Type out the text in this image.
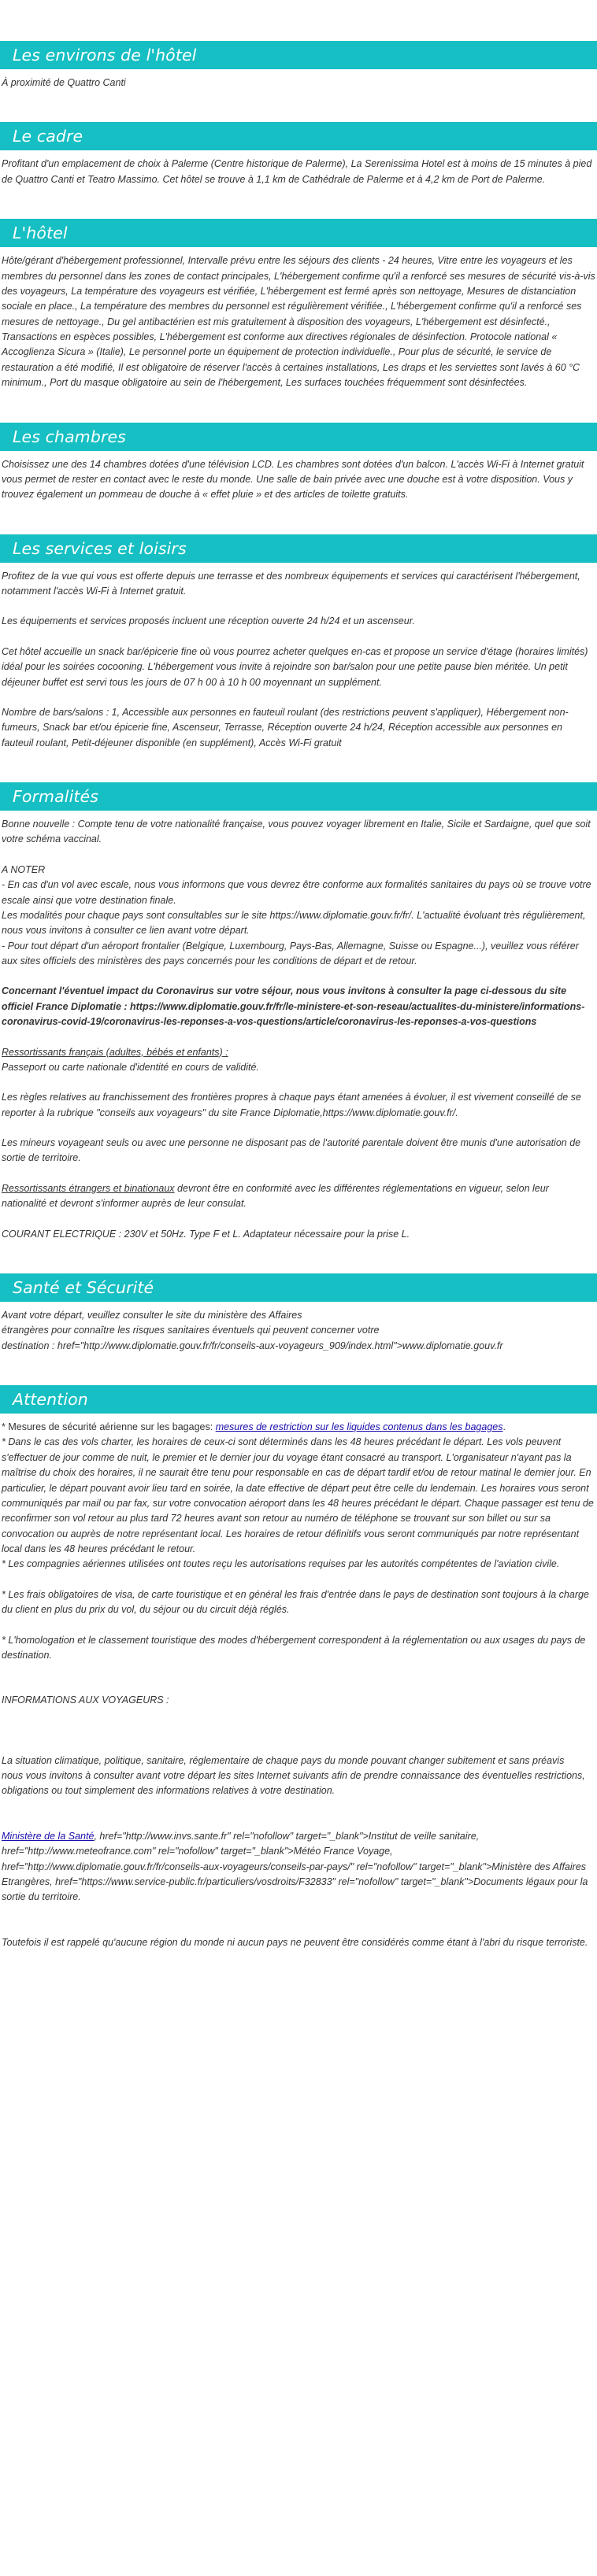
Les environs de l'hôtel

À proximité de Quattro Canti

Le cadre

Profitant d'un emplacement de choix à Palerme (Centre historique de Palerme), La Serenissima Hotel est à moins de 15 minutes à pied de Quattro Canti et Teatro Massimo. Cet hôtel se trouve à 1,1 km de Cathédrale de Palerme et à 4,2 km de Port de Palerme.

L'hôtel

Hôte/gérant d'hébergement professionnel, Intervalle prévu entre les séjours des clients - 24 heures, Vitre entre les voyageurs et les membres du personnel dans les zones de contact principales, L'hébergement confirme qu'il a renforcé ses mesures de sécurité vis-à-vis des voyageurs, La température des voyageurs est vérifiée, L'hébergement est fermé après son nettoyage, Mesures de distanciation sociale en place., La température des membres du personnel est régulièrement vérifiée., L'hébergement confirme qu'il a renforcé ses mesures de nettoyage., Du gel antibactérien est mis gratuitement à disposition des voyageurs, L'hébergement est désinfecté., Transactions en espèces possibles, L'hébergement est conforme aux directives régionales de désinfection. Protocole national « Accoglienza Sicura » (Italie), Le personnel porte un équipement de protection individuelle., Pour plus de sécurité, le service de restauration a été modifié, Il est obligatoire de réserver l'accès à certaines installations, Les draps et les serviettes sont lavés à 60 °C minimum., Port du masque obligatoire au sein de l'hébergement, Les surfaces touchées fréquemment sont désinfectées.

Les chambres

Choisissez une des 14 chambres dotées d'une télévision LCD. Les chambres sont dotées d'un balcon. L'accès Wi-Fi à Internet gratuit vous permet de rester en contact avec le reste du monde. Une salle de bain privée avec une douche est à votre disposition. Vous y trouvez également un pommeau de douche à « effet pluie » et des articles de toilette gratuits.

Les services et loisirs

Profitez de la vue qui vous est offerte depuis une terrasse et des nombreux équipements et services qui caractérisent l'hébergement, notamment l'accès Wi-Fi à Internet gratuit.

Les équipements et services proposés incluent une réception ouverte 24 h/24 et un ascenseur.

Cet hôtel accueille un snack bar/épicerie fine où vous pourrez acheter quelques en-cas et propose un service d'étage (horaires limités) idéal pour les soirées cocooning. L'hébergement vous invite à rejoindre son bar/salon pour une petite pause bien méritée. Un petit déjeuner buffet est servi tous les jours de 07 h 00 à 10 h 00 moyennant un supplément.

Nombre de bars/salons : 1, Accessible aux personnes en fauteuil roulant (des restrictions peuvent s'appliquer), Hébergement non-fumeurs, Snack bar et/ou épicerie fine, Ascenseur, Terrasse, Réception ouverte 24 h/24, Réception accessible aux personnes en fauteuil roulant, Petit-déjeuner disponible (en supplément), Accès Wi-Fi gratuit

Formalités

Bonne nouvelle : Compte tenu de votre nationalité française, vous pouvez voyager librement en Italie, Sicile et Sardaigne, quel que soit votre schéma vaccinal.

A NOTER

- En cas d'un vol avec escale, nous vous informons que vous devrez être conforme aux formalités sanitaires du pays où se trouve votre escale ainsi que votre destination finale.

Les modalités pour chaque pays sont consultables sur le site https://www.diplomatie.gouv.fr/fr/. L'actualité évoluant très régulièrement, nous vous invitons à consulter ce lien avant votre départ.

- Pour tout départ d'un aéroport frontalier (Belgique, Luxembourg, Pays-Bas, Allemagne, Suisse ou Espagne...), veuillez vous référer aux sites officiels des ministères des pays concernés pour les conditions de départ et de retour.

Concernant l'éventuel impact du Coronavirus sur votre séjour, nous vous invitons à consulter la page ci-dessous du site officiel France Diplomatie : https://www.diplomatie.gouv.fr/fr/le-ministere-et-son-reseau/actualites-du-ministere/informations-coronavirus-covid-19/coronavirus-les-reponses-a-vos-questions/article/coronavirus-les-reponses-a-vos-questions

Ressortissants français (adultes, bébés et enfants) :

Passeport ou carte nationale d'identité en cours de validité.

Les règles relatives au franchissement des frontières propres à chaque pays étant amenées à évoluer, il est vivement conseillé de se reporter à la rubrique "conseils aux voyageurs" du site France Diplomatie,https://www.diplomatie.gouv.fr/.

Les mineurs voyageant seuls ou avec une personne ne disposant pas de l'autorité parentale doivent être munis d'une autorisation de sortie de territoire.

Ressortissants étrangers et binationaux devront être en conformité avec les différentes réglementations en vigueur, selon leur nationalité et devront s'informer auprès de leur consulat.

COURANT ELECTRIQUE : 230V et 50Hz. Type F et L. Adaptateur nécessaire pour la prise L.

Santé et Sécurité

Avant votre départ, veuillez consulter le site du ministère des Affaires

étrangères pour connaître les risques sanitaires éventuels qui peuvent concerner votre

destination : href="http://www.diplomatie.gouv.fr/fr/conseils-aux-voyageurs_909/index.html">www.diplomatie.gouv.fr

Attention

* Mesures de sécurité aérienne sur les bagages: mesures de restriction sur les liquides contenus dans les bagages.

* Dans le cas des vols charter, les horaires de ceux-ci sont déterminés dans les 48 heures précédant le départ. Les vols peuvent s'effectuer de jour comme de nuit, le premier et le dernier jour du voyage étant consacré au transport. L'organisateur n'ayant pas la maîtrise du choix des horaires, il ne saurait être tenu pour responsable en cas de départ tardif et/ou de retour matinal le dernier jour. En particulier, le départ pouvant avoir lieu tard en soirée, la date effective de départ peut être celle du lendemain. Les horaires vous seront communiqués par mail ou par fax, sur votre convocation aéroport dans les 48 heures précédant le départ. Chaque passager est tenu de reconfirmer son vol retour au plus tard 72 heures avant son retour au numéro de téléphone se trouvant sur son billet ou sur sa convocation ou auprès de notre représentant local. Les horaires de retour définitifs vous seront communiqués par notre représentant local dans les 48 heures précédant le retour.

* Les compagnies aériennes utilisées ont toutes reçu les autorisations requises par les autorités compétentes de l'aviation civile.

* Les frais obligatoires de visa, de carte touristique et en général les frais d'entrée dans le pays de destination sont toujours à la charge du client en plus du prix du vol, du séjour ou du circuit déjà réglés.

* L'homologation et le classement touristique des modes d'hébergement correspondent à la réglementation ou aux usages du pays de destination.

INFORMATIONS AUX VOYAGEURS :

La situation climatique, politique, sanitaire, réglementaire de chaque pays du monde pouvant changer subitement et sans préavis

nous vous invitons à consulter avant votre départ les sites Internet suivants afin de prendre connaissance des éventuelles restrictions, obligations ou tout simplement des informations relatives à votre destination.

Ministère de la Santé, href="http://www.invs.sante.fr" rel="nofollow" target="_blank">Institut de veille sanitaire, href="http://www.meteofrance.com" rel="nofollow" target="_blank">Météo France Voyage, href="http://www.diplomatie.gouv.fr/fr/conseils-aux-voyageurs/conseils-par-pays/" rel="nofollow" target="_blank">Ministère des Affaires Etrangères, href="https://www.service-public.fr/particuliers/vosdroits/F32833" rel="nofollow" target="_blank">Documents légaux pour la sortie du territoire.

Toutefois il est rappelé qu'aucune région du monde ni aucun pays ne peuvent être considérés comme étant à l'abri du risque terroriste.
